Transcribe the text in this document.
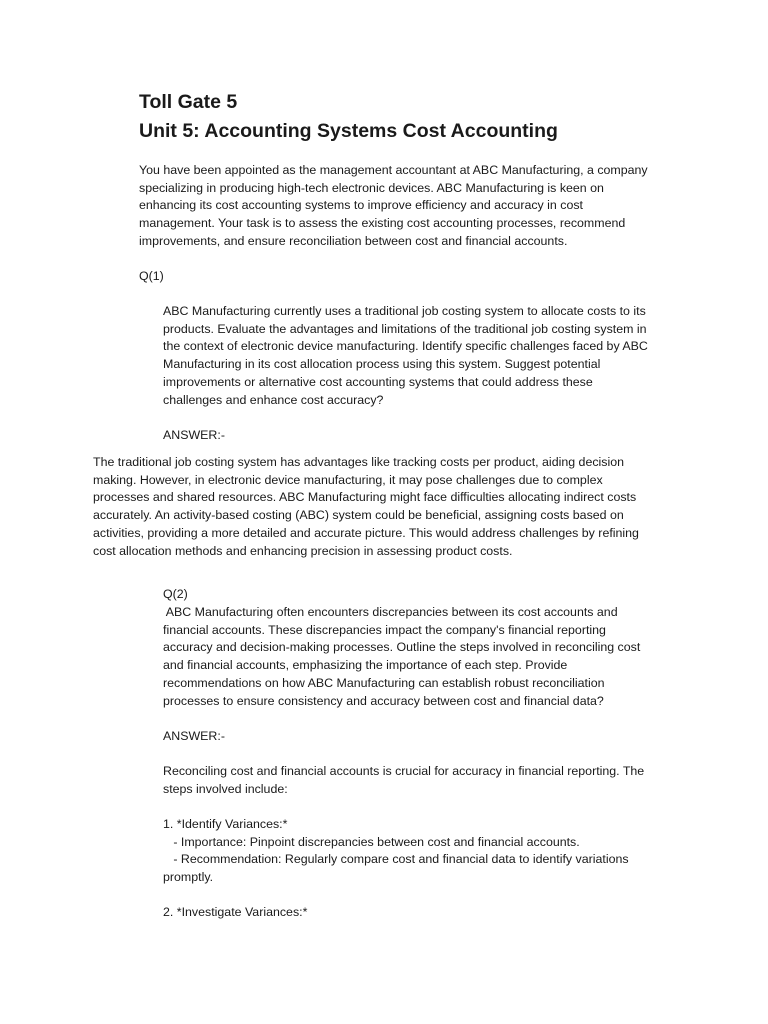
Toll Gate 5
Unit 5: Accounting Systems Cost Accounting
You have been appointed as the management accountant at ABC Manufacturing, a company
specializing in producing high-tech electronic devices. ABC Manufacturing is keen on
enhancing its cost accounting systems to improve efficiency and accuracy in cost
management. Your task is to assess the existing cost accounting processes, recommend
improvements, and ensure reconciliation between cost and financial accounts.
Q(1)
ABC Manufacturing currently uses a traditional job costing system to allocate costs to its
products. Evaluate the advantages and limitations of the traditional job costing system in
the context of electronic device manufacturing. Identify specific challenges faced by ABC
Manufacturing in its cost allocation process using this system. Suggest potential
improvements or alternative cost accounting systems that could address these
challenges and enhance cost accuracy?
ANSWER:-
The traditional job costing system has advantages like tracking costs per product, aiding decision
making. However, in electronic device manufacturing, it may pose challenges due to complex
processes and shared resources. ABC Manufacturing might face difficulties allocating indirect costs
accurately. An activity-based costing (ABC) system could be beneficial, assigning costs based on
activities, providing a more detailed and accurate picture. This would address challenges by refining
cost allocation methods and enhancing precision in assessing product costs.
Q(2)
ABC Manufacturing often encounters discrepancies between its cost accounts and
financial accounts. These discrepancies impact the company's financial reporting
accuracy and decision-making processes. Outline the steps involved in reconciling cost
and financial accounts, emphasizing the importance of each step. Provide
recommendations on how ABC Manufacturing can establish robust reconciliation
processes to ensure consistency and accuracy between cost and financial data?
ANSWER:-
Reconciling cost and financial accounts is crucial for accuracy in financial reporting. The
steps involved include:
1. *Identify Variances:*
- Importance: Pinpoint discrepancies between cost and financial accounts.
- Recommendation: Regularly compare cost and financial data to identify variations
promptly.
2. *Investigate Variances:*
